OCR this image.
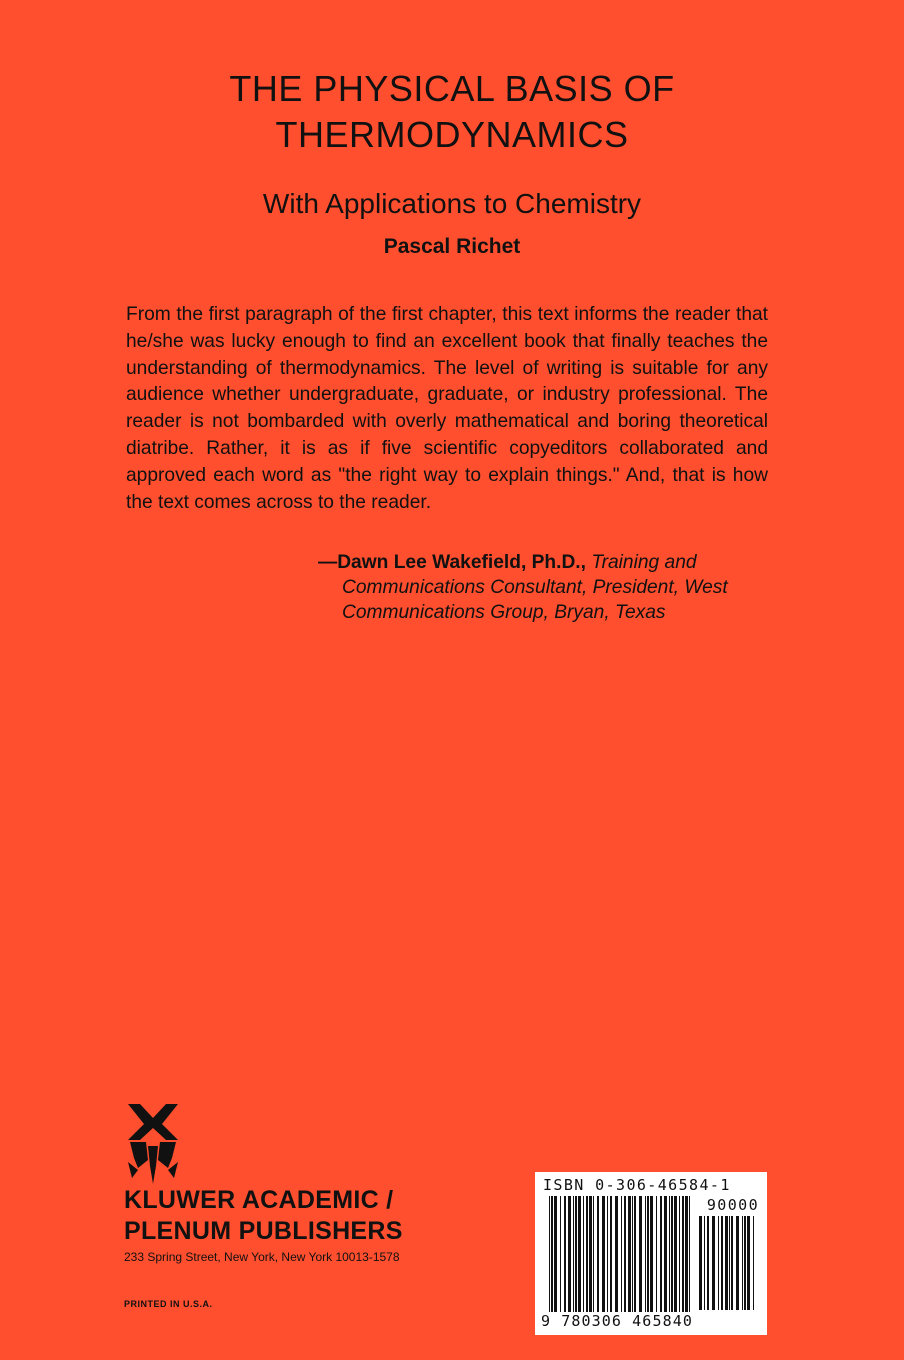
THE PHYSICAL BASIS OF
THERMODYNAMICS
With Applications to Chemistry
Pascal Richet

From the first paragraph of the first chapter, this text informs the reader that he/she was lucky enough to find an excellent book that finally teaches the understanding of thermodynamics. The level of writing is suitable for any audience whether undergraduate, graduate, or industry professional. The reader is not bombarded with overly mathematical and boring theoretical diatribe. Rather, it is as if five scientific copyeditors collaborated and approved each word as "the right way to explain things." And, that is how the text comes across to the reader.

—Dawn Lee Wakefield, Ph.D., Training and
Communications Consultant, President, West
Communications Group, Bryan, Texas
KLUWER ACADEMIC /
PLENUM PUBLISHERS
233 Spring Street, New York, New York 10013-1578
PRINTED IN U.S.A.
ISBN 0-306-46584-1
90000
9 780306 465840
